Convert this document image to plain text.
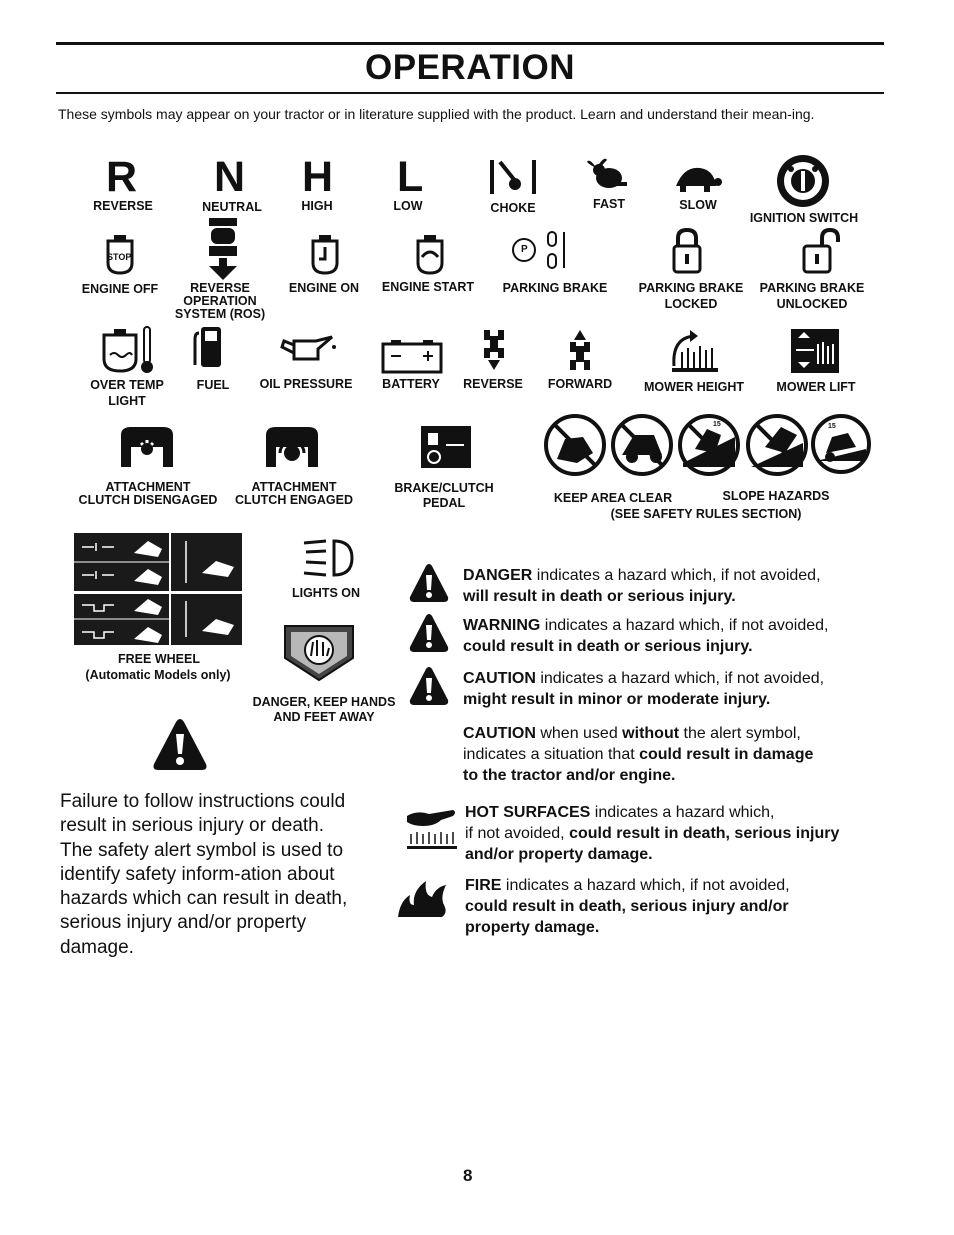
OPERATION
These symbols may appear on your tractor or in literature supplied with the product. Learn and understand their mean-ing.
R
REVERSE
N
NEUTRAL
H
HIGH
L
LOW	CHOKE	FAST	SLOW
IGNITION SWITCH
STOP
ENGINE OFF	REVERSE
OPERATION
SYSTEM (ROS)
ENGINE ON ENGINE START
P
PARKING BRAKE	PARKING BRAKE
LOCKED
PARKING BRAKE
UNLOCKED
OVER TEMP
LIGHT
FUEL OIL PRESSURE BATTERY REVERSE FORWARD	MOWER HEIGHT	MOWER LIFT
ATTACHMENT
CLUTCH DISENGAGED
ATTACHMENT
CLUTCH ENGAGED
BRAKE/CLUTCH
PEDAL
15	15
KEEP AREA CLEAR	SLOPE HAZARDS
(SEE SAFETY RULES SECTION)
FREE WHEEL
(Automatic Models only)
LIGHTS ON
DANGER, KEEP HANDS
AND FEET AWAY
Failure to follow instructions could result in serious injury or death. The safety alert symbol is used to identify safety inform-ation about hazards which can result in death, serious injury and/or property damage.
DANGER indicates a hazard which, if not avoided,
will result in death or serious injury.
WARNING indicates a hazard which, if not avoided,
could result in death or serious injury.
CAUTION indicates a hazard which, if not avoided,
might result in minor or moderate injury.
CAUTION when used without the alert symbol,
indicates a situation that could result in damage
to the tractor and/or engine.
HOT SURFACES indicates a hazard which,
if not avoided, could result in death, serious injury
and/or property damage.
FIRE indicates a hazard which, if not avoided,
could result in death, serious injury and/or
property damage.
8
